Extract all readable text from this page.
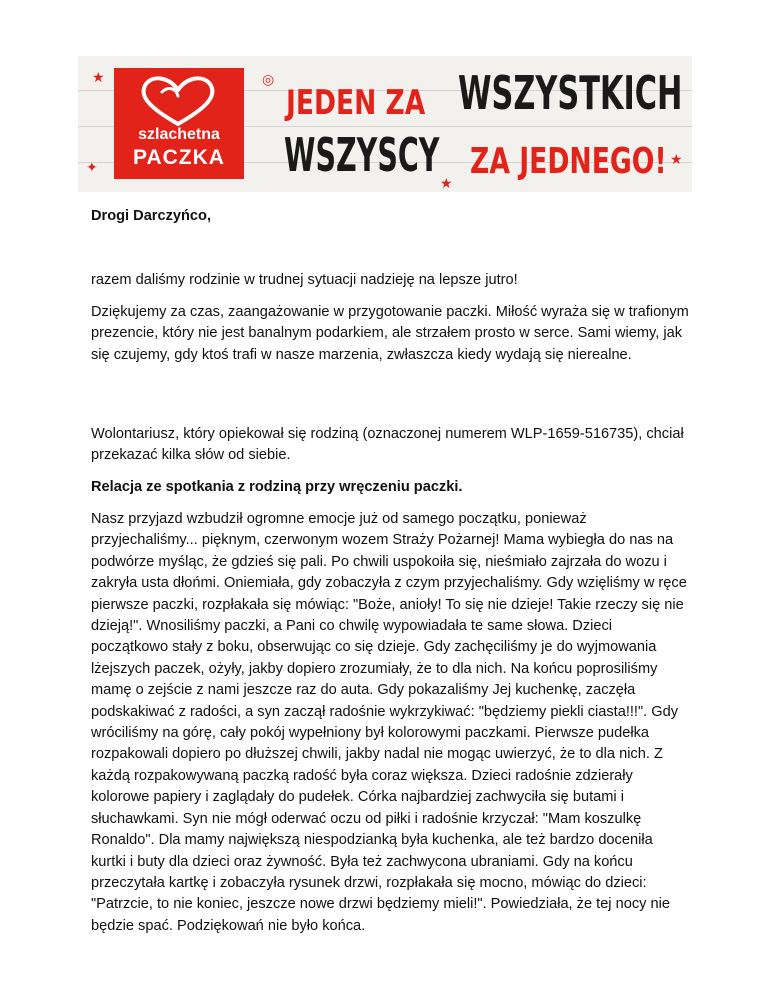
szlachetna
PACZKA
JEDEN ZA WSZYSTKICH
WSZYSCY ZA JEDNEGO!
★	◎
★
★
✦

Drogi Darczyńco,

razem daliśmy rodzinie w trudnej sytuacji nadzieję na lepsze jutro!

Dziękujemy za czas, zaangażowanie w przygotowanie paczki. Miłość wyraża się w trafionym prezencie, który nie jest banalnym podarkiem, ale strzałem prosto w serce. Sami wiemy, jak się czujemy, gdy ktoś trafi w nasze marzenia, zwłaszcza kiedy wydają się nierealne.

Wolontariusz, który opiekował się rodziną (oznaczonej numerem WLP-1659-516735), chciał przekazać kilka słów od siebie.

Relacja ze spotkania z rodziną przy wręczeniu paczki.

Nasz przyjazd wzbudził ogromne emocje już od samego początku, ponieważ przyjechaliśmy... pięknym, czerwonym wozem Straży Pożarnej! Mama wybiegła do nas na podwórze myśląc, że gdzieś się pali. Po chwili uspokoiła się, nieśmiało zajrzała do wozu i zakryła usta dłońmi. Oniemiała, gdy zobaczyła z czym przyjechaliśmy. Gdy wzięliśmy w ręce pierwsze paczki, rozpłakała się mówiąc: "Boże, anioły! To się nie dzieje! Takie rzeczy się nie dzieją!". Wnosiliśmy paczki, a Pani co chwilę wypowiadała te same słowa. Dzieci początkowo stały z boku, obserwując co się dzieje. Gdy zachęciliśmy je do wyjmowania lżejszych paczek, ożyły, jakby dopiero zrozumiały, że to dla nich. Na końcu poprosiliśmy mamę o zejście z nami jeszcze raz do auta. Gdy pokazaliśmy Jej kuchenkę, zaczęła podskakiwać z radości, a syn zaczął radośnie wykrzykiwać: "będziemy piekli ciasta!!!". Gdy wróciliśmy na górę, cały pokój wypełniony był kolorowymi paczkami. Pierwsze pudełka rozpakowali dopiero po dłuższej chwili, jakby nadal nie mogąc uwierzyć, że to dla nich. Z każdą rozpakowywaną paczką radość była coraz większa. Dzieci radośnie zdzierały kolorowe papiery i zaglądały do pudełek. Córka najbardziej zachwyciła się butami i słuchawkami. Syn nie mógł oderwać oczu od piłki i radośnie krzyczał: "Mam koszulkę Ronaldo". Dla mamy największą niespodzianką była kuchenka, ale też bardzo doceniła kurtki i buty dla dzieci oraz żywność. Była też zachwycona ubraniami. Gdy na końcu przeczytała kartkę i zobaczyła rysunek drzwi, rozpłakała się mocno, mówiąc do dzieci: "Patrzcie, to nie koniec, jeszcze nowe drzwi będziemy mieli!". Powiedziała, że tej nocy nie będzie spać. Podziękowań nie było końca.
